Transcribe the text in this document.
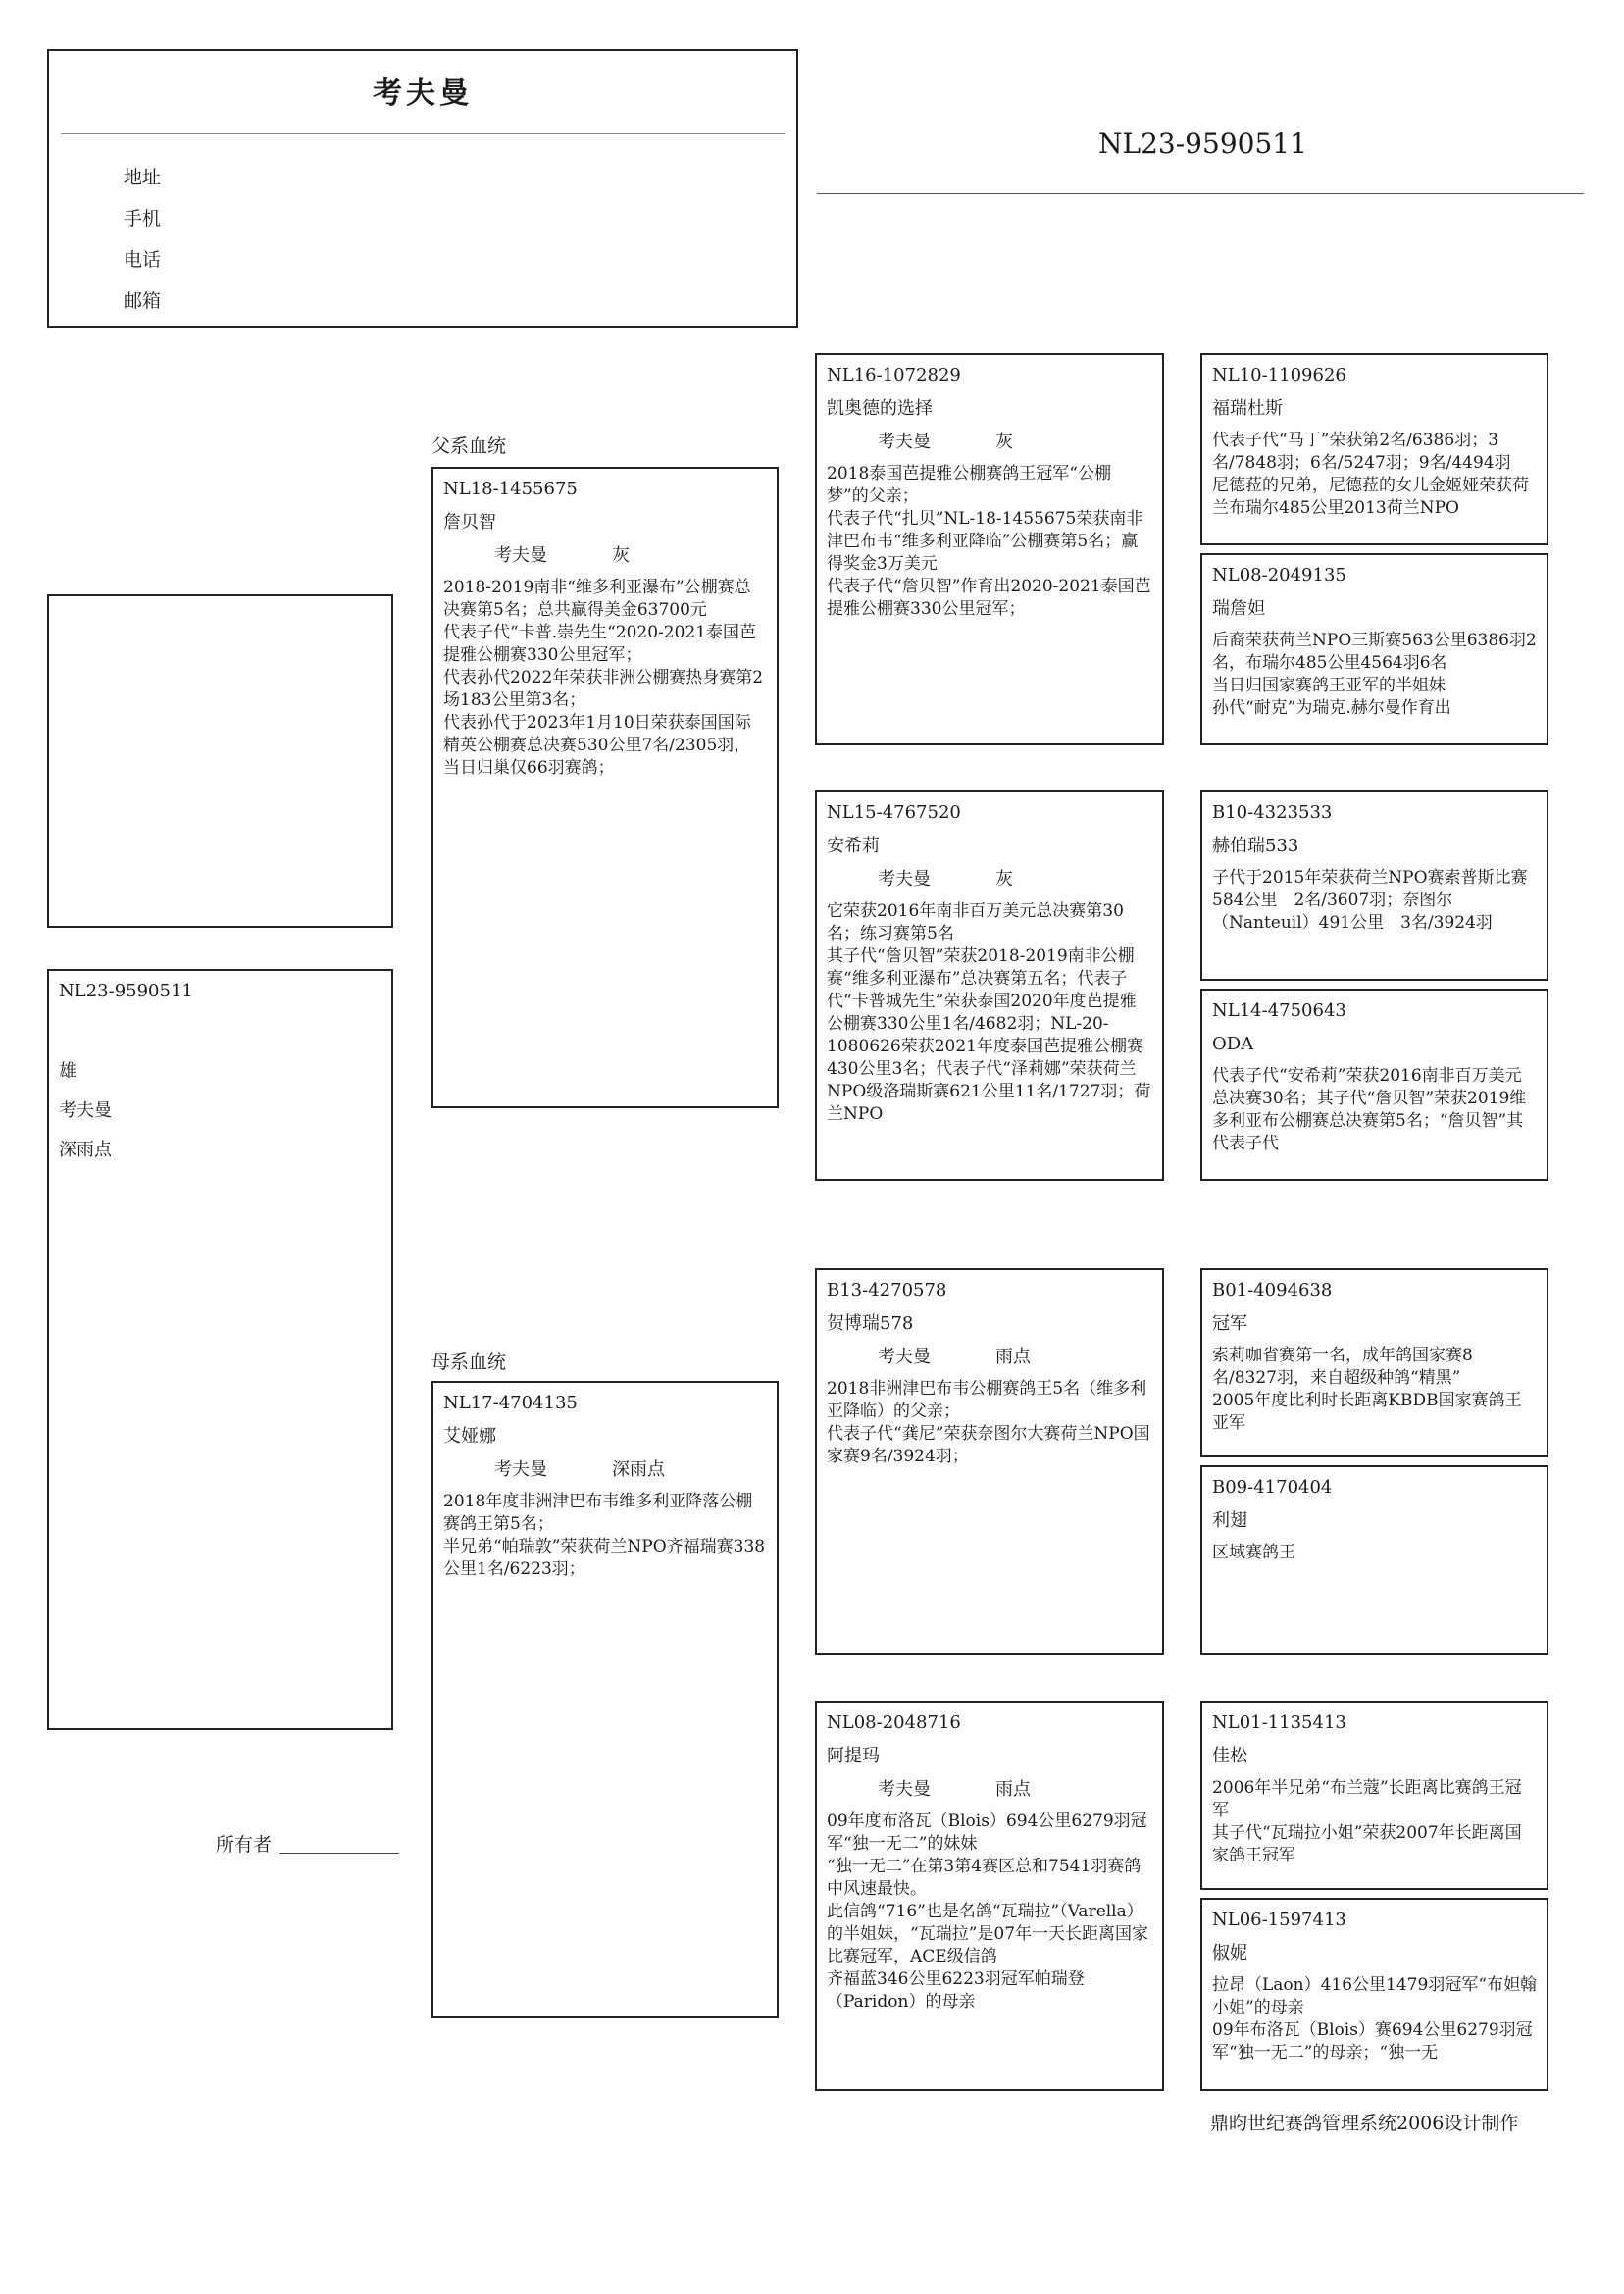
考夫曼
地址
手机
电话
邮箱
NL23-9590511
父系血统
母系血统
NL23-9590511
雄
考夫曼
深雨点
所有者
NL18-1455675
詹贝智
考夫曼	灰
2018-2019南非“维多利亚瀑布”公棚赛总决赛第5名；总共赢得美金63700元
代表子代“卡普.崇先生“2020-2021泰国芭提雅公棚赛330公里冠军；
代表孙代2022年荣获非洲公棚赛热身赛第2场183公里第3名；
代表孙代于2023年1月10日荣获泰国国际精英公棚赛总决赛530公里7名/2305羽，当日归巢仅66羽赛鸽；
NL17-4704135
艾娅娜
考夫曼	深雨点
2018年度非洲津巴布韦维多利亚降落公棚赛鸽王第5名；
半兄弟“帕瑞敦”荣获荷兰NPO齐福瑞赛338公里1名/6223羽；
NL16-1072829
凯奥德的选择
考夫曼	灰
2018泰国芭提雅公棚赛鸽王冠军“公棚梦”的父亲；
代表子代“扎贝”NL-18-1455675荣获南非津巴布韦“维多利亚降临”公棚赛第5名；赢得奖金3万美元
代表子代“詹贝智”作育出2020-2021泰国芭提雅公棚赛330公里冠军；
NL15-4767520
安希莉
考夫曼	灰
它荣获2016年南非百万美元总决赛第30名；练习赛第5名
其子代“詹贝智”荣获2018-2019南非公棚赛“维多利亚瀑布”总决赛第五名；代表子代“卡普城先生”荣获泰国2020年度芭提雅公棚赛330公里1名/4682羽；NL-20-1080626荣获2021年度泰国芭提雅公棚赛430公里3名；代表子代“泽莉娜”荣获荷兰NPO级洛瑞斯赛621公里11名/1727羽；荷兰NPO
B13-4270578
贺博瑞578
考夫曼	雨点
2018非洲津巴布韦公棚赛鸽王5名（维多利亚降临）的父亲；
代表子代“龚尼”荣获奈图尔大赛荷兰NPO国家赛9名/3924羽；
NL08-2048716
阿提玛
考夫曼	雨点
09年度布洛瓦（Blois）694公里6279羽冠军“独一无二”的妹妹
“独一无二”在第3第4赛区总和7541羽赛鸽中风速最快。
此信鸽“716”也是名鸽“瓦瑞拉”（Varella）的半姐妹，“瓦瑞拉”是07年一天长距离国家比赛冠军，ACE级信鸽
齐福蓝346公里6223羽冠军帕瑞登（Paridon）的母亲
NL10-1109626
福瑞杜斯
代表子代“马丁”荣获第2名/6386羽；3名/7848羽；6名/5247羽；9名/4494羽
尼德菈的兄弟，尼德菈的女儿金姬娅荣获荷兰布瑞尔485公里2013荷兰NPO
NL08-2049135
瑞詹妲
后裔荣获荷兰NPO三斯赛563公里6386羽2名，布瑞尔485公里4564羽6名
当日归国家赛鸽王亚军的半姐妹
孙代“耐克”为瑞克.赫尔曼作育出
B10-4323533
赫伯瑞533
子代于2015年荣获荷兰NPO赛索普斯比赛584公里　2名/3607羽；奈图尔（Nanteuil）491公里　3名/3924羽
NL14-4750643
ODA
代表子代“安希莉”荣获2016南非百万美元总决赛30名；其子代“詹贝智”荣获2019维多利亚布公棚赛总决赛第5名；“詹贝智”其代表子代
B01-4094638
冠军
索莉咖省赛第一名，成年鸽国家赛8名/8327羽，来自超级种鸽“精黑”
2005年度比利时长距离KBDB国家赛鸽王亚军
B09-4170404
利翅
区域赛鸽王
NL01-1135413
佳松
2006年半兄弟“布兰蔻”长距离比赛鸽王冠军
其子代“瓦瑞拉小姐”荣获2007年长距离国家鸽王冠军
NL06-1597413
俶妮
拉昂（Laon）416公里1479羽冠军“布妲翰小姐”的母亲
09年布洛瓦（Blois）赛694公里6279羽冠军“独一无二”的母亲；“独一无
鼎昀世纪赛鸽管理系统2006设计制作
